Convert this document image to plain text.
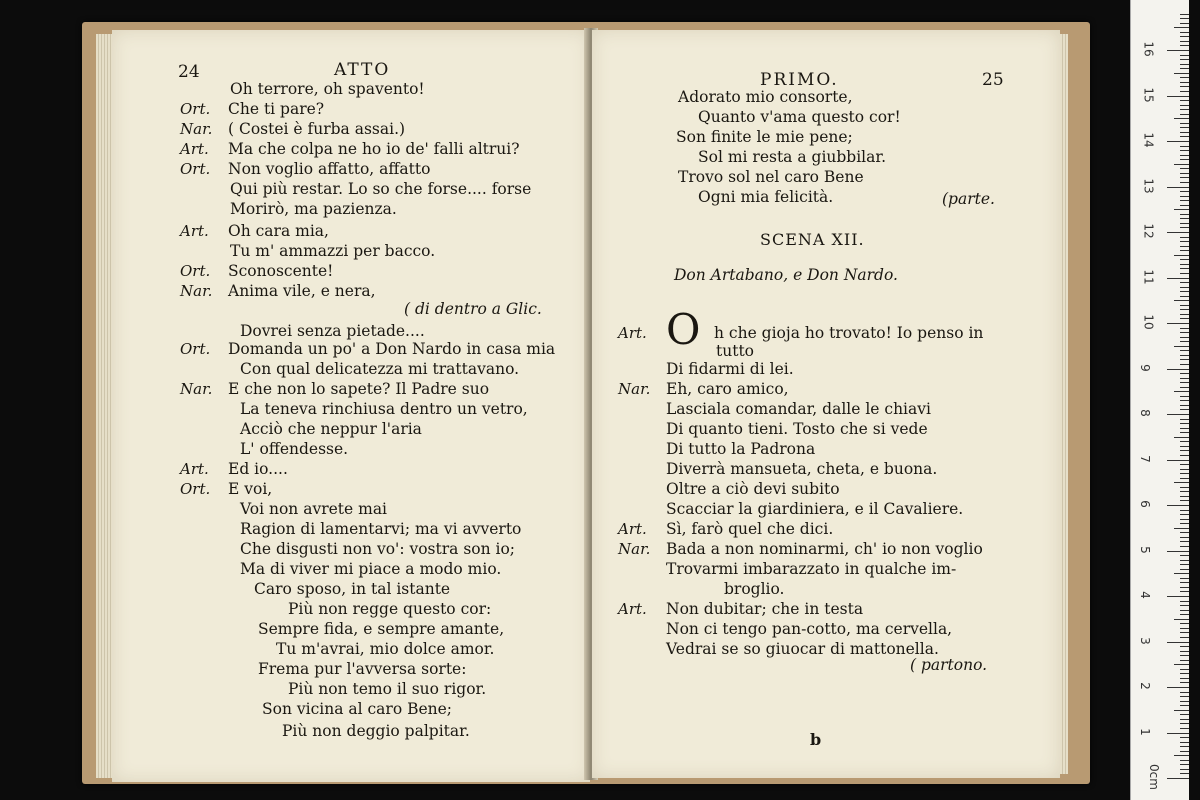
24	ATTO
Oh terrore, oh spavento!
Ort. Che ti pare?
Nar. ( Costei è furba assai.)
Art. Ma che colpa ne ho io de' falli altrui?
Ort. Non voglio affatto, affatto
Qui più restar. Lo so che forse.... forse
Morirò, ma pazienza.
Art. Oh cara mia,
Tu m' ammazzi per bacco.
Ort. Sconoscente!
Nar. Anima vile, e nera,
( di dentro a Glic.
Dovrei senza pietade....
Ort. Domanda un po' a Don Nardo in casa mia
Con qual delicatezza mi trattavano.
Nar. E che non lo sapete? Il Padre suo
La teneva rinchiusa dentro un vetro,
Acciò che neppur l'aria
L' offendesse.
Art. Ed io....
Ort. E voi,
Voi non avrete mai
Ragion di lamentarvi; ma vi avverto
Che disgusti non vo': vostra son io;
Ma di viver mi piace a modo mio.
Caro sposo, in tal istante
Più non regge questo cor:
Sempre fida, e sempre amante,
Tu m'avrai, mio dolce amor.
Frema pur l'avversa sorte:
Più non temo il suo rigor.
Son vicina al caro Bene;
Più non deggio palpitar.
PRIMO.	25
Adorato mio consorte,
Quanto v'ama questo cor!
Son finite le mie pene;
Sol mi resta a giubbilar.
Trovo sol nel caro Bene
Ogni mia felicità.	(parte.
SCENA XII.
Don Artabano, e Don Nardo.
O
Art.	h che gioja ho trovato! Io penso in
tutto
Di fidarmi di lei.
Nar. Eh, caro amico,
Lasciala comandar, dalle le chiavi
Di quanto tieni. Tosto che si vede
Di tutto la Padrona
Diverrà mansueta, cheta, e buona.
Oltre a ciò devi subito
Scacciar la giardiniera, e il Cavaliere.
Art. Sì, farò quel che dici.
Nar. Bada a non nominarmi, ch' io non voglio
Trovarmi imbarazzato in qualche im-
broglio.
Art. Non dubitar; che in testa
Non ci tengo pan-cotto, ma cervella,
Vedrai se so giuocar di mattonella.
( partono.
b
0cm
1
2
3
4
5
6
7
8
9
10
11
12
13
14
15
16
